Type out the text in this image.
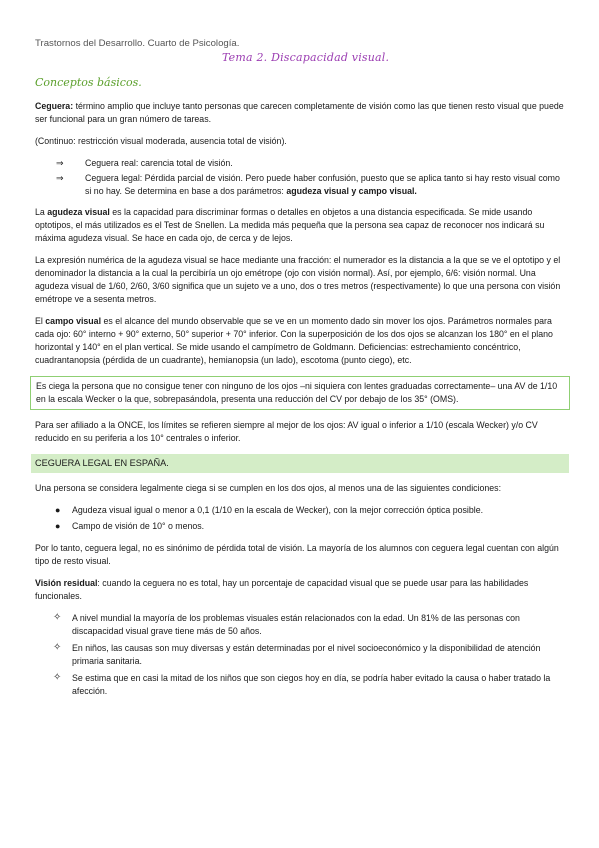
Trastornos del Desarrollo. Cuarto de Psicología.
Tema 2. Discapacidad visual.
Conceptos básicos.

Ceguera: término amplio que incluye tanto personas que carecen completamente de visión como las que tienen resto visual que puede ser funcional para un gran número de tareas.

(Continuo: restricción visual moderada, ausencia total de visión).

⇒ Ceguera real: carencia total de visión.
⇒ Ceguera legal: Pérdida parcial de visión. Pero puede haber confusión, puesto que se aplica tanto si hay resto visual como si no hay. Se determina en base a dos parámetros: agudeza visual y campo visual.

La agudeza visual es la capacidad para discriminar formas o detalles en objetos a una distancia especificada. Se mide usando optotipos, el más utilizados es el Test de Snellen. La medida más pequeña que la persona sea capaz de reconocer nos indicará su máxima agudeza visual. Se hace en cada ojo, de cerca y de lejos.

La expresión numérica de la agudeza visual se hace mediante una fracción: el numerador es la distancia a la que se ve el optotipo y el denominador la distancia a la cual la percibiría un ojo emétrope (ojo con visión normal). Así, por ejemplo, 6/6: visión normal. Una agudeza visual de 1/60, 2/60, 3/60 significa que un sujeto ve a uno, dos o tres metros (respectivamente) lo que una persona con visión emétrope ve a sesenta metros.

El campo visual es el alcance del mundo observable que se ve en un momento dado sin mover los ojos. Parámetros normales para cada ojo: 60° interno + 90° externo, 50° superior + 70° inferior. Con la superposición de los dos ojos se alcanzan los 180° en el plano horizontal y 140° en el plan vertical. Se mide usando el campímetro de Goldmann. Deficiencias: estrechamiento concéntrico, cuadrantanopsia (pérdida de un cuadrante), hemianopsia (un lado), escotoma (punto ciego), etc.

Es ciega la persona que no consigue tener con ninguno de los ojos –ni siquiera con lentes graduadas correctamente– una AV de 1/10 en la escala Wecker o la que, sobrepasándola, presenta una reducción del CV por debajo de los 35° (OMS).

Para ser afiliado a la ONCE, los límites se refieren siempre al mejor de los ojos: AV igual o inferior a 1/10 (escala Wecker) y/o CV reducido en su periferia a los 10° centrales o inferior.

CEGUERA LEGAL EN ESPAÑA.

Una persona se considera legalmente ciega si se cumplen en los dos ojos, al menos una de las siguientes condiciones:

● Agudeza visual igual o menor a 0,1 (1/10 en la escala de Wecker), con la mejor corrección óptica posible.
● Campo de visión de 10° o menos.

Por lo tanto, ceguera legal, no es sinónimo de pérdida total de visión. La mayoría de los alumnos con ceguera legal cuentan con algún tipo de resto visual.

Visión residual: cuando la ceguera no es total, hay un porcentaje de capacidad visual que se puede usar para las habilidades funcionales.

✧ A nivel mundial la mayoría de los problemas visuales están relacionados con la edad. Un 81% de las personas con discapacidad visual grave tiene más de 50 años.
✧ En niños, las causas son muy diversas y están determinadas por el nivel socioeconómico y la disponibilidad de atención primaria sanitaria.
✧ Se estima que en casi la mitad de los niños que son ciegos hoy en día, se podría haber evitado la causa o haber tratado la afección.
